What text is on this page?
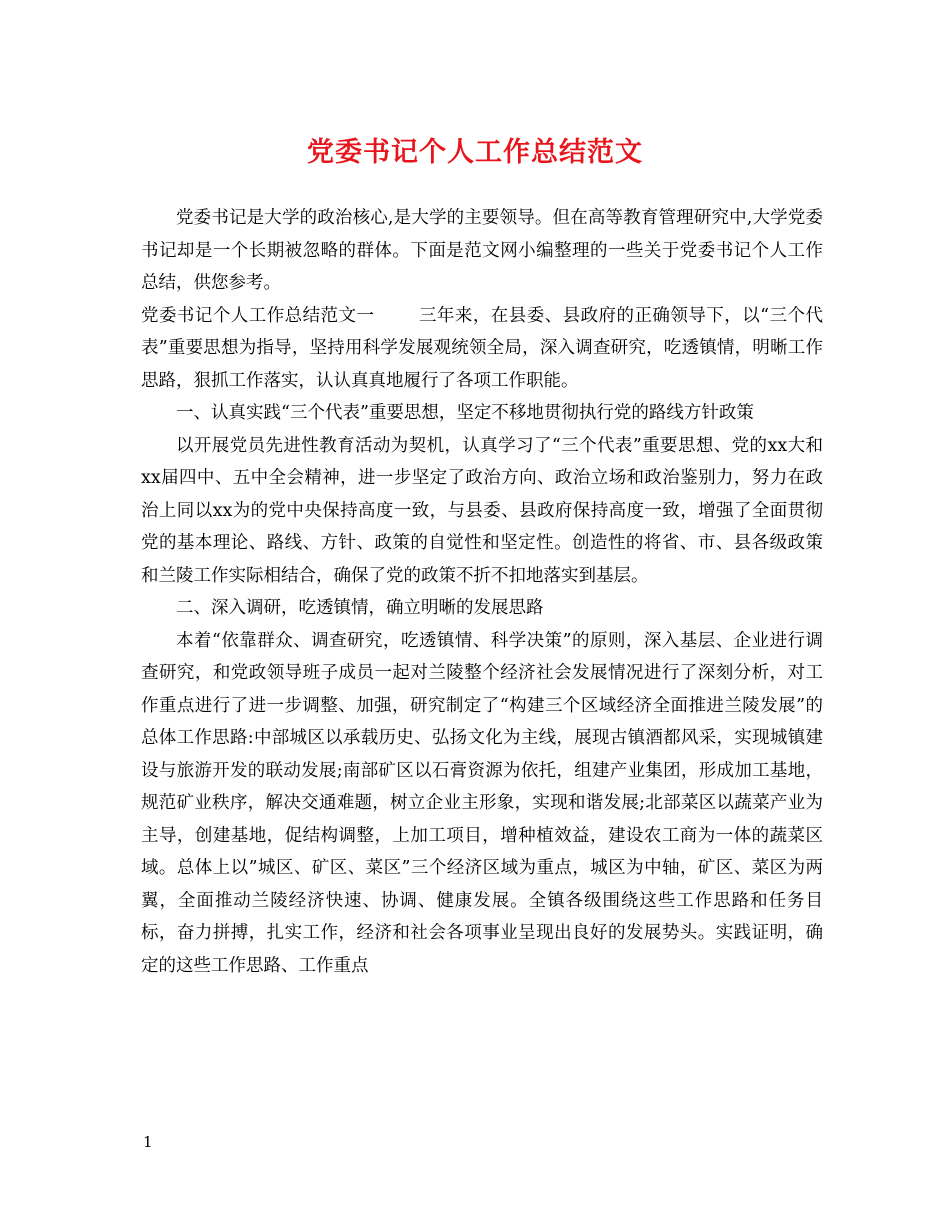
党委书记个人工作总结范文

党委书记是大学的政治核心,是大学的主要领导。但在高等教育管理研究中,大学党委书记却是一个长期被忽略的群体。下面是范文网小编整理的一些关于党委书记个人工作总结，供您参考。

党委书记个人工作总结范文一	三年来，在县委、县政府的正确领导下，以“三个代表”重要思想为指导，坚持用科学发展观统领全局，深入调查研究，吃透镇情，明晰工作思路，狠抓工作落实，认认真真地履行了各项工作职能。

一、认真实践“三个代表”重要思想，坚定不移地贯彻执行党的路线方针政策

以开展党员先进性教育活动为契机，认真学习了“三个代表”重要思想、党的xx大和xx届四中、五中全会精神，进一步坚定了政治方向、政治立场和政治鉴别力，努力在政治上同以xx为的党中央保持高度一致，与县委、县政府保持高度一致，增强了全面贯彻党的基本理论、路线、方针、政策的自觉性和坚定性。创造性的将省、市、县各级政策和兰陵工作实际相结合，确保了党的政策不折不扣地落实到基层。

二、深入调研，吃透镇情，确立明晰的发展思路

本着“依靠群众、调查研究，吃透镇情、科学决策”的原则，深入基层、企业进行调查研究，和党政领导班子成员一起对兰陵整个经济社会发展情况进行了深刻分析，对工作重点进行了进一步调整、加强，研究制定了“构建三个区域经济全面推进兰陵发展”的总体工作思路:中部城区以承载历史、弘扬文化为主线，展现古镇酒都风采，实现城镇建设与旅游开发的联动发展;南部矿区以石膏资源为依托，组建产业集团，形成加工基地，规范矿业秩序，解决交通难题，树立企业主形象，实现和谐发展;北部菜区以蔬菜产业为主导，创建基地，促结构调整，上加工项目，增种植效益，建设农工商为一体的蔬菜区域。总体上以”城区、矿区、菜区”三个经济区域为重点，城区为中轴，矿区、菜区为两翼，全面推动兰陵经济快速、协调、健康发展。全镇各级围绕这些工作思路和任务目标，奋力拼搏，扎实工作，经济和社会各项事业呈现出良好的发展势头。实践证明，确定的这些工作思路、工作重点

1
